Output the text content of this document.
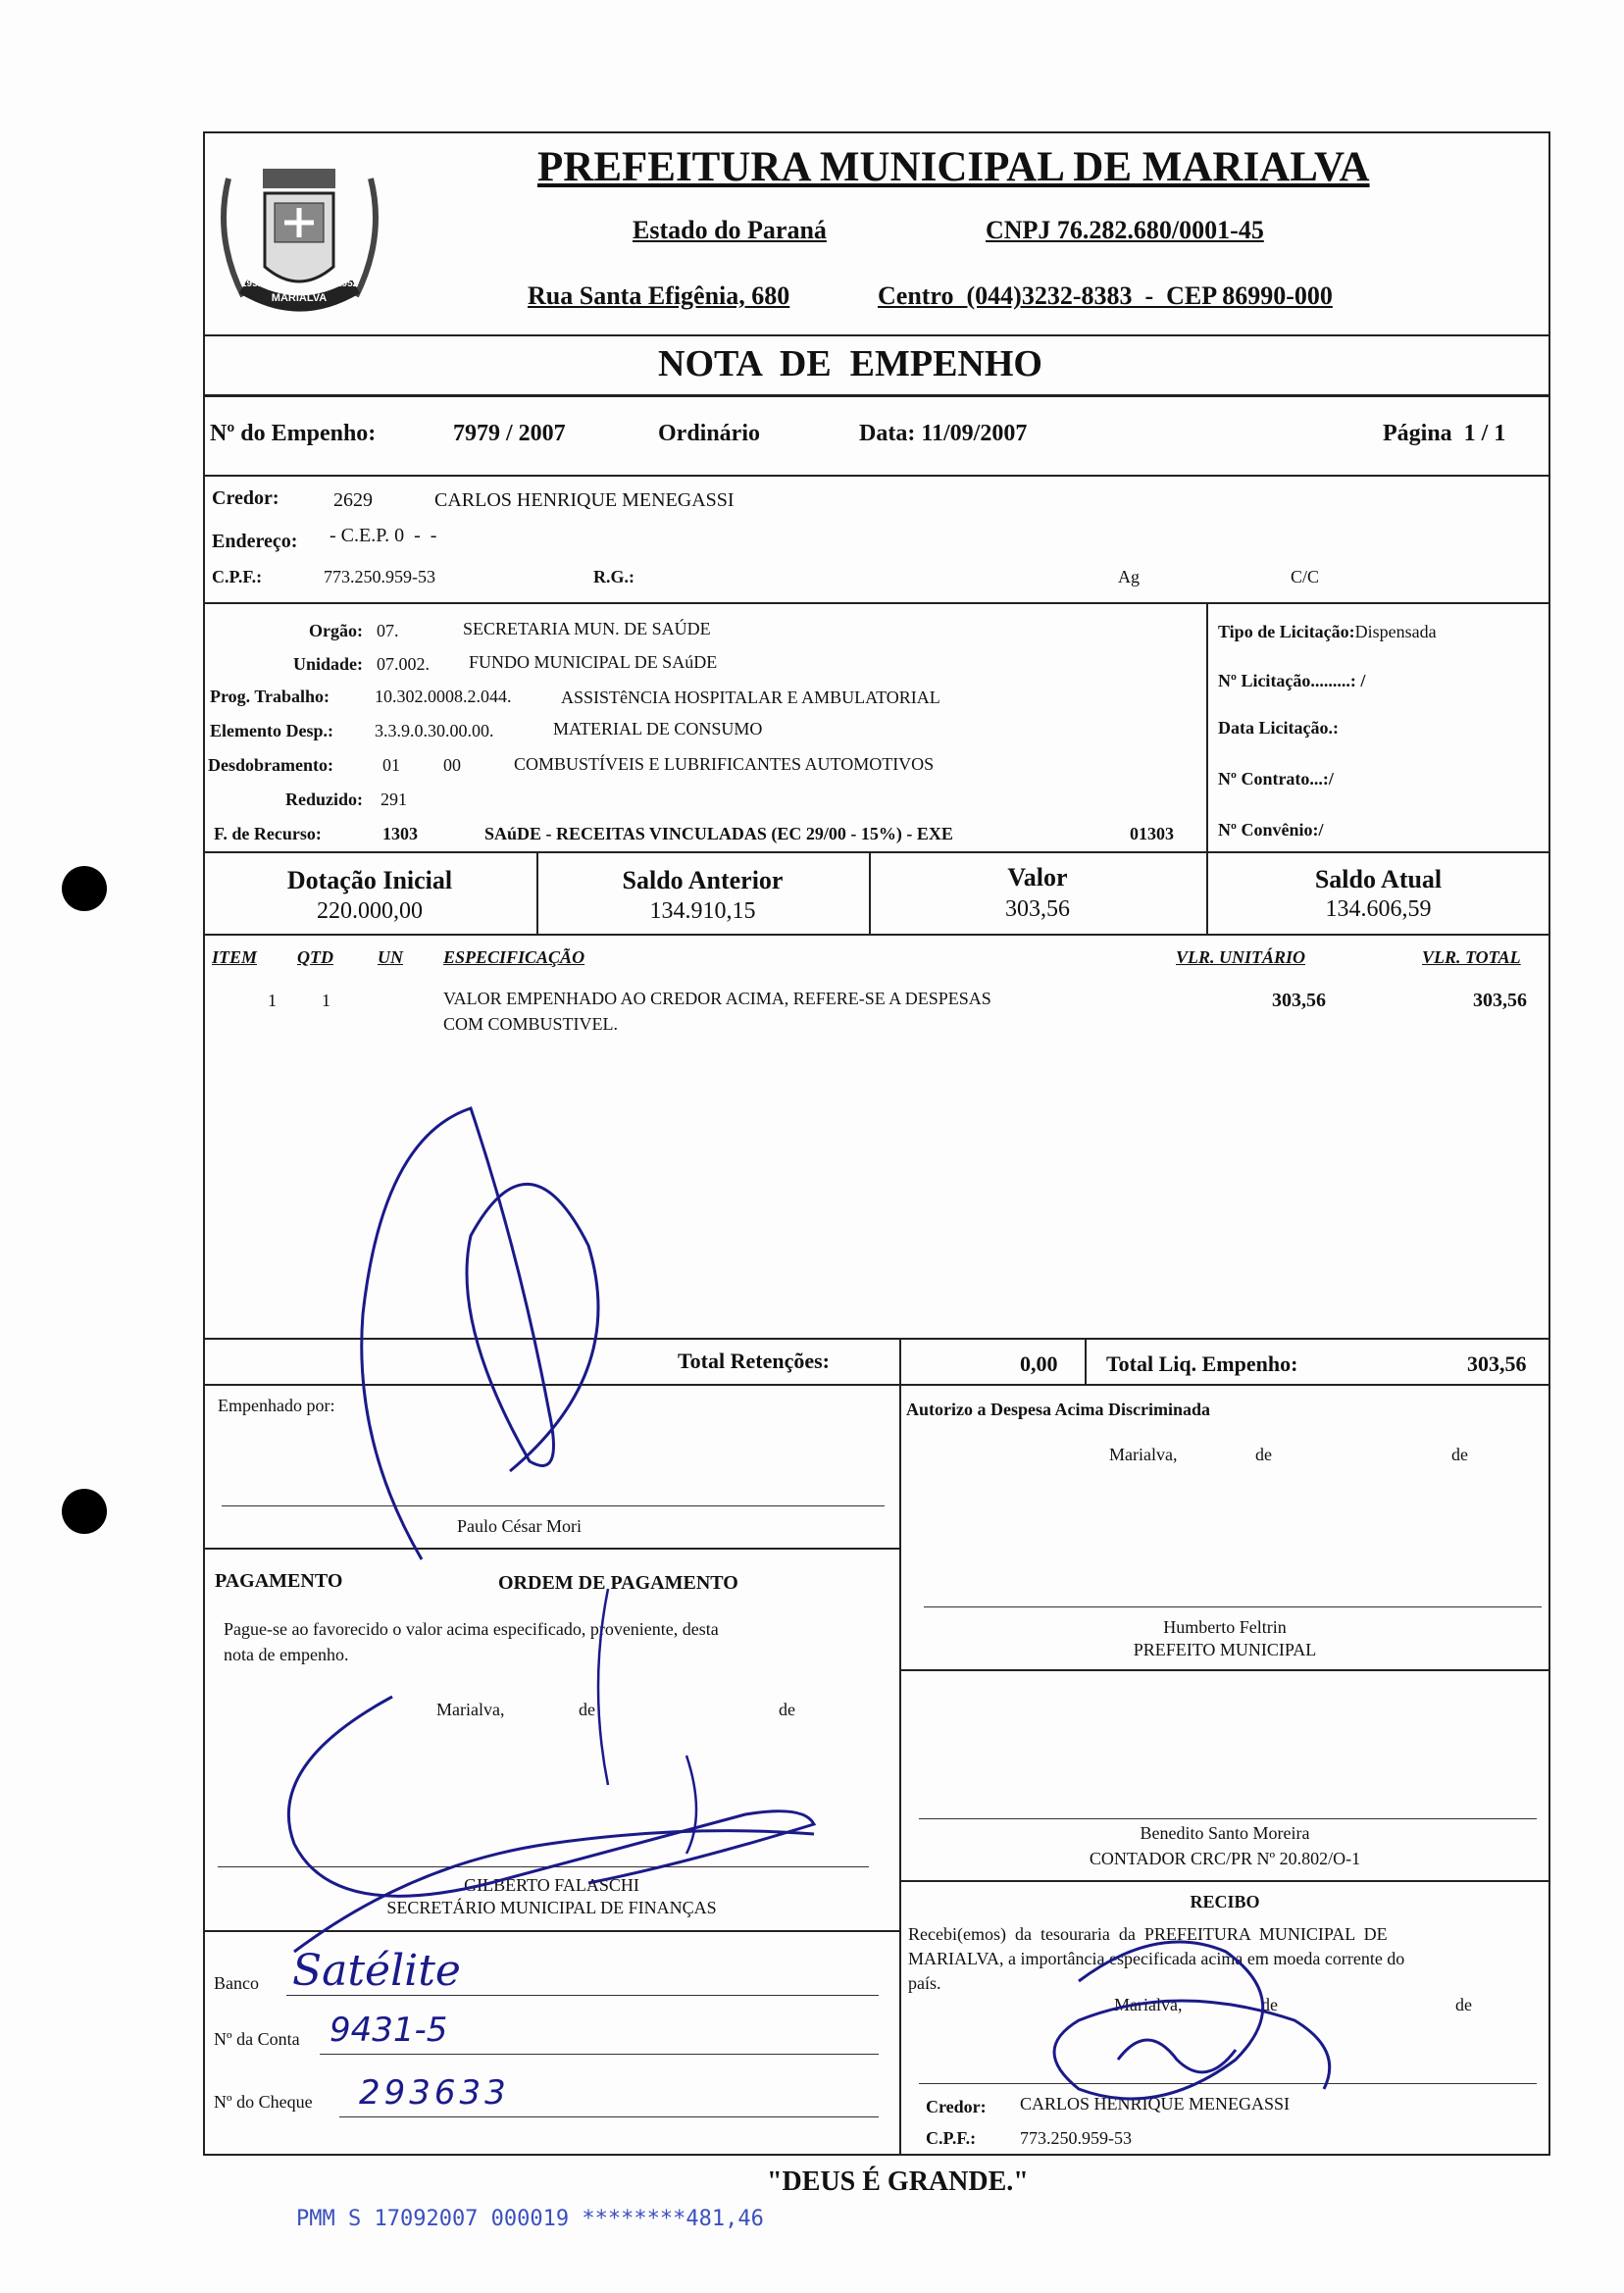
MARIALVA
1951	1952
PREFEITURA MUNICIPAL DE MARIALVA
Estado do Paraná	CNPJ 76.282.680/0001-45
Rua Santa Efigênia, 680	Centro  (044)3232-8383  -  CEP 86990-000
NOTA  DE  EMPENHO
Nº do Empenho:	7979 / 2007	Ordinário	Data: 11/09/2007	Página  1 / 1
Credor:	2629	CARLOS HENRIQUE MENEGASSI
Endereço: - C.E.P. 0  -  -
C.P.F.:	773.250.959-53	R.G.:	Ag	C/C
Orgão: 07.	SECRETARIA MUN. DE SAÚDE
Unidade: 07.002. FUNDO MUNICIPAL DE SAúDE
Prog. Trabalho:	10.302.0008.2.044.	ASSISTêNCIA HOSPITALAR E AMBULATORIAL
Elemento Desp.: 3.3.9.0.30.00.00.	MATERIAL DE CONSUMO
Desdobramento:	01 00	COMBUSTÍVEIS E LUBRIFICANTES AUTOMOTIVOS
Reduzido: 291
F. de Recurso:	1303	SAúDE - RECEITAS VINCULADAS (EC 29/00 - 15%) - EXE	01303
Tipo de Licitação:Dispensada
Nº Licitação.........: /
Data Licitação.:
Nº Contrato...:/
Nº Convênio:/
Dotação Inicial
220.000,00
Saldo Anterior
134.910,15
Valor
303,56
Saldo Atual
134.606,59
ITEM QTD	UN ESPECIFICAÇÃO	VLR. UNITÁRIO	VLR. TOTAL
1	1	VALOR EMPENHADO AO CREDOR ACIMA, REFERE-SE A DESPESAS
COM COMBUSTIVEL.
303,56	303,56
Total Retenções:	0,00 Total Liq. Empenho:	303,56
Empenhado por:
Paulo César Mori
PAGAMENTO	ORDEM DE PAGAMENTO
Pague-se ao favorecido o valor acima especificado, proveniente, desta
nota de empenho.
Marialva,	de	de
GILBERTO FALASCHI
SECRETÁRIO MUNICIPAL DE FINANÇAS
Banco Satélite
Nº da Conta 9431-5
Nº do Cheque 293633
Autorizo a Despesa Acima Discriminada
Marialva,	de	de
Humberto Feltrin
PREFEITO MUNICIPAL
Benedito Santo Moreira
CONTADOR CRC/PR Nº 20.802/O-1
RECIBO
Recebi(emos)  da  tesouraria  da  PREFEITURA  MUNICIPAL  DE
MARIALVA, a importância especificada acima em moeda corrente do
país.
Marialva,	de	de
Credor: CARLOS HENRIQUE MENEGASSI
C.P.F.: 773.250.959-53
"DEUS É GRANDE."
PMM S 17092007 000019 ********481,46
